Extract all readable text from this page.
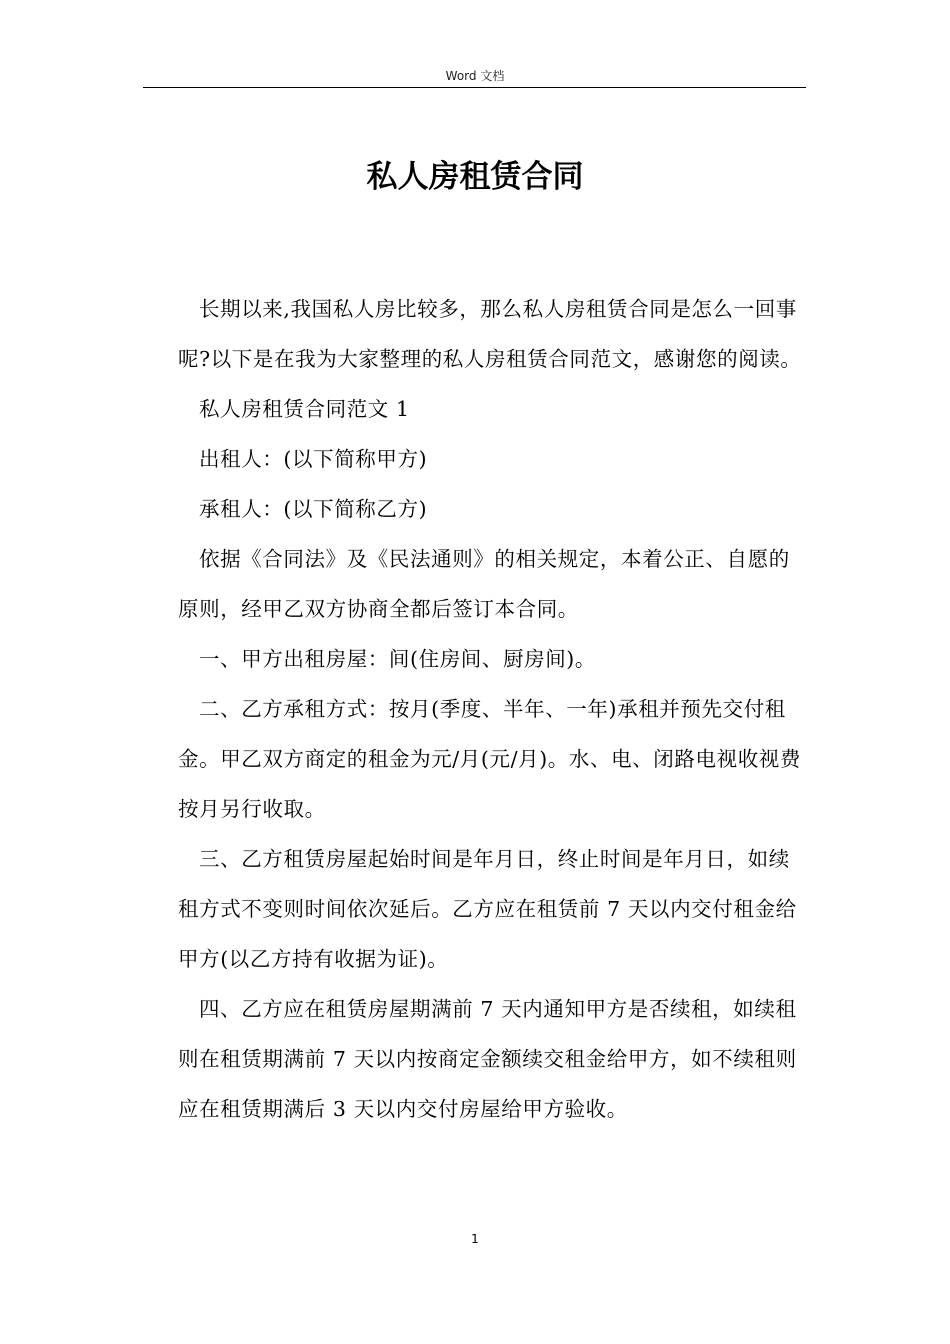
Word 文档
私人房租赁合同

长期以来,我国私人房比较多，那么私人房租赁合同是怎么一回事呢?以下是在我为大家整理的私人房租赁合同范文，感谢您的阅读。

私人房租赁合同范文 1

出租人：(以下简称甲方)

承租人：(以下简称乙方)

依据《合同法》及《民法通则》的相关规定，本着公正、自愿的原则，经甲乙双方协商全都后签订本合同。

一、甲方出租房屋：间(住房间、厨房间)。

二、乙方承租方式：按月(季度、半年、一年)承租并预先交付租金。甲乙双方商定的租金为元/月(元/月)。水、电、闭路电视收视费按月另行收取。

三、乙方租赁房屋起始时间是年月日，终止时间是年月日，如续租方式不变则时间依次延后。乙方应在租赁前 7 天以内交付租金给甲方(以乙方持有收据为证)。

四、乙方应在租赁房屋期满前 7 天内通知甲方是否续租，如续租则在租赁期满前 7 天以内按商定金额续交租金给甲方，如不续租则应在租赁期满后 3 天以内交付房屋给甲方验收。

1
